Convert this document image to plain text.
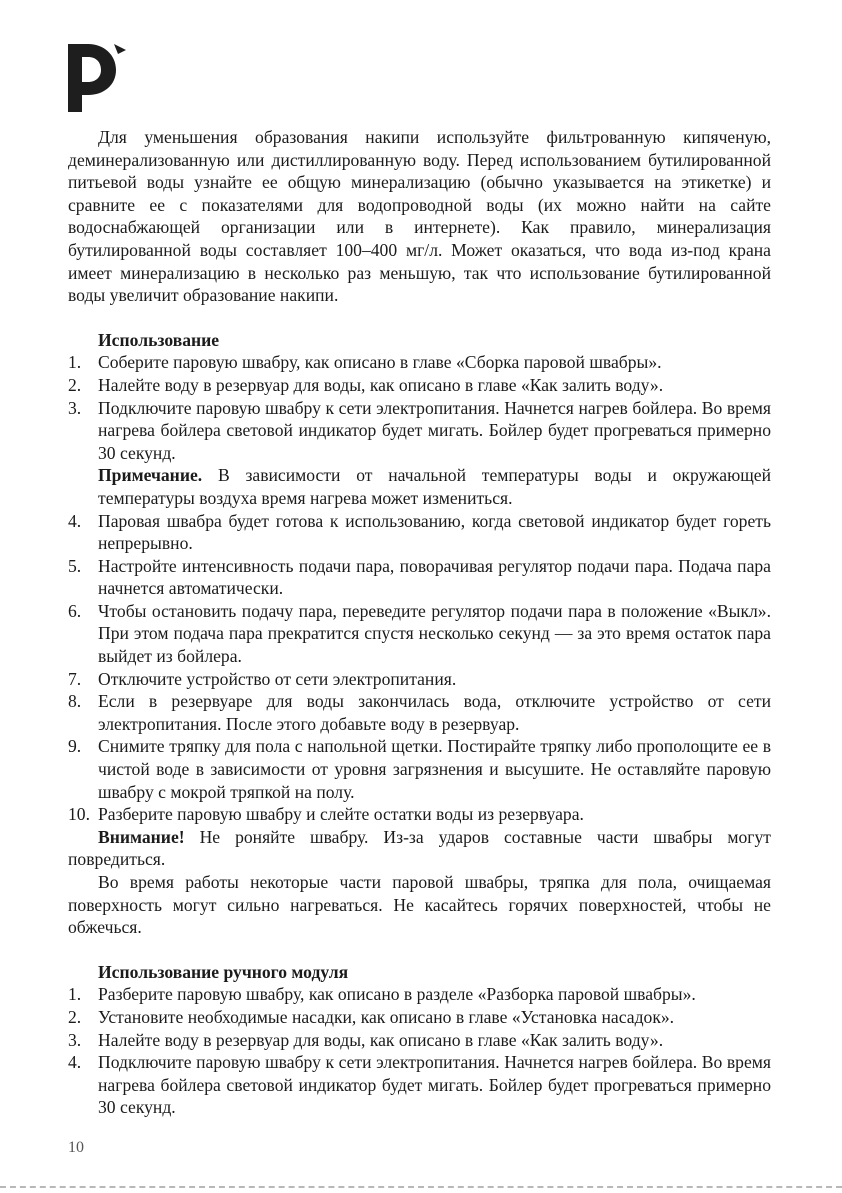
Для уменьшения образования накипи используйте фильтрованную кипяченую, деминерализованную или дистиллированную воду. Перед использованием бутилированной питьевой воды узнайте ее общую минерализацию (обычно указывается на этикетке) и сравните ее с показателями для водопроводной воды (их можно найти на сайте водоснабжающей организации или в интернете). Как правило, минерализация бутилированной воды составляет 100–400 мг/л. Может оказаться, что вода из-под крана имеет минерализацию в несколько раз меньшую, так что использование бутилированной воды увеличит образование накипи.

Использование

1. Соберите паровую швабру, как описано в главе «Сборка паровой швабры».
2. Налейте воду в резервуар для воды, как описано в главе «Как залить воду».
3. Подключите паровую швабру к сети электропитания. Начнется нагрев бойлера. Во время нагрева бойлера световой индикатор будет мигать. Бойлер будет прогреваться примерно 30 секунд.

Примечание. В зависимости от начальной температуры воды и окружающей температуры воздуха время нагрева может измениться.

4. Паровая швабра будет готова к использованию, когда световой индикатор будет гореть непрерывно.
5. Настройте интенсивность подачи пара, поворачивая регулятор подачи пара. Подача пара начнется автоматически.
6. Чтобы остановить подачу пара, переведите регулятор подачи пара в положение «Выкл». При этом подача пара прекратится спустя несколько секунд — за это время остаток пара выйдет из бойлера.
7. Отключите устройство от сети электропитания.
8. Если в резервуаре для воды закончилась вода, отключите устройство от сети электропитания. После этого добавьте воду в резервуар.
9. Снимите тряпку для пола с напольной щетки. Постирайте тряпку либо прополощите ее в чистой воде в зависимости от уровня загрязнения и высушите. Не оставляйте паровую швабру с мокрой тряпкой на полу.
10. Разберите паровую швабру и слейте остатки воды из резервуара.

Внимание! Не роняйте швабру. Из-за ударов составные части швабры могут повредиться.

Во время работы некоторые части паровой швабры, тряпка для пола, очищаемая поверхность могут сильно нагреваться. Не касайтесь горячих поверхностей, чтобы не обжечься.

Использование ручного модуля

1. Разберите паровую швабру, как описано в разделе «Разборка паровой швабры».
2. Установите необходимые насадки, как описано в главе «Установка насадок».
3. Налейте воду в резервуар для воды, как описано в главе «Как залить воду».
4. Подключите паровую швабру к сети электропитания. Начнется нагрев бойлера. Во время нагрева бойлера световой индикатор будет мигать. Бойлер будет прогреваться примерно 30 секунд.
10
